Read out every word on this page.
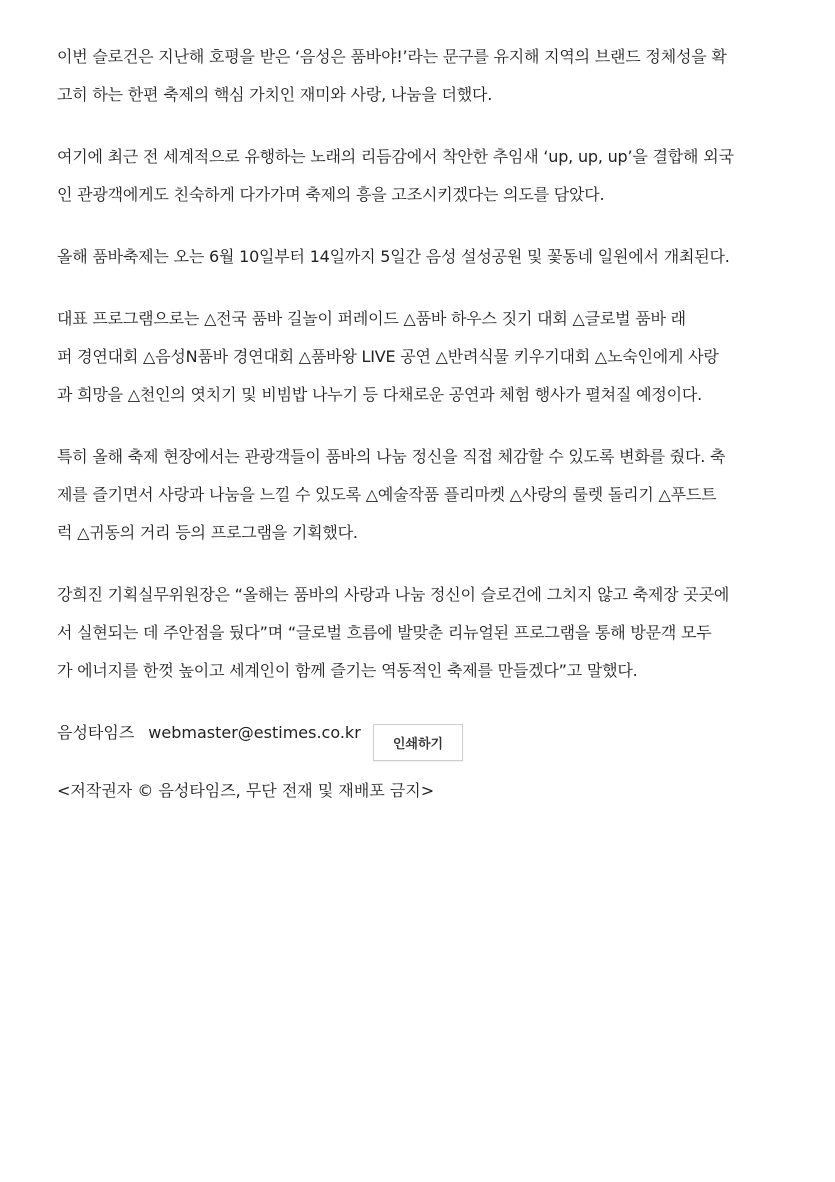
이번 슬로건은 지난해 호평을 받은 ‘음성은 품바야!’라는 문구를 유지해 지역의 브랜드 정체성을 확
고히 하는 한편 축제의 핵심 가치인 재미와 사랑, 나눔을 더했다.

여기에 최근 전 세계적으로 유행하는 노래의 리듬감에서 착안한 추임새 ‘up, up, up’을 결합해 외국
인 관광객에게도 친숙하게 다가가며 축제의 흥을 고조시키겠다는 의도를 담았다.

올해 품바축제는 오는 6월 10일부터 14일까지 5일간 음성 설성공원 및 꽃동네 일원에서 개최된다.

대표 프로그램으로는 △전국 품바 길놀이 퍼레이드 △품바 하우스 짓기 대회 △글로벌 품바 래
퍼 경연대회 △음성N품바 경연대회 △품바왕 LIVE 공연 △반려식물 키우기대회 △노숙인에게 사랑
과 희망을 △천인의 엿치기 및 비빔밥 나누기 등 다채로운 공연과 체험 행사가 펼쳐질 예정이다.

특히 올해 축제 현장에서는 관광객들이 품바의 나눔 정신을 직접 체감할 수 있도록 변화를 줬다. 축
제를 즐기면서 사랑과 나눔을 느낄 수 있도록 △예술작품 플리마켓 △사랑의 룰렛 돌리기 △푸드트
럭 △귀동의 거리 등의 프로그램을 기획했다.

강희진 기획실무위원장은 “올해는 품바의 사랑과 나눔 정신이 슬로건에 그치지 않고 축제장 곳곳에
서 실현되는 데 주안점을 뒀다”며 “글로벌 흐름에 발맞춘 리뉴얼된 프로그램을 통해 방문객 모두
가 에너지를 한껏 높이고 세계인이 함께 즐기는 역동적인 축제를 만들겠다”고 말했다.

음성타임즈 webmaster@estimes.co.kr

<저작권자 © 음성타임즈, 무단 전재 및 재배포 금지>

인쇄하기
